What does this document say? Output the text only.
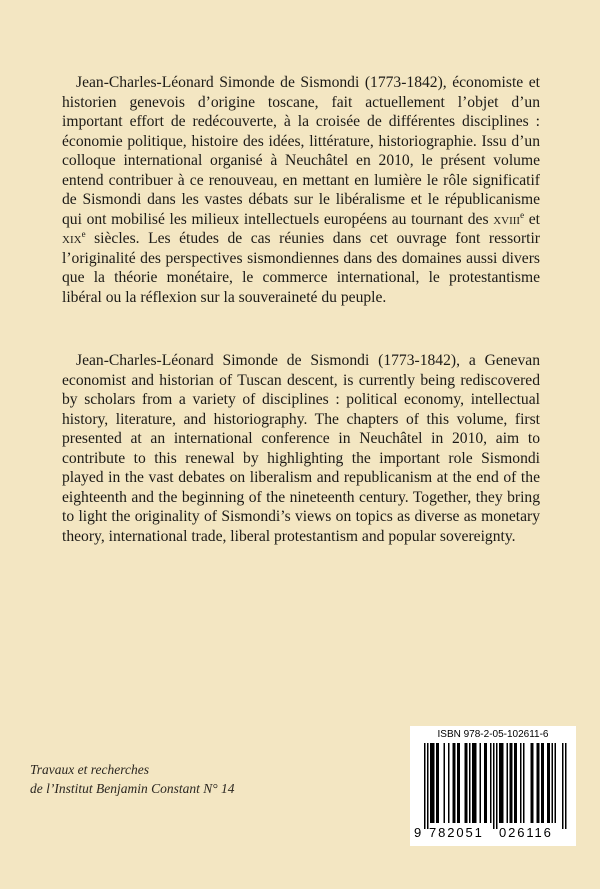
Jean-Charles-Léonard Simonde de Sismondi (1773-1842), économiste et historien genevois d’origine toscane, fait actuellement l’objet d’un important effort de redécouverte, à la croisée de différentes disciplines : économie politique, histoire des idées, littérature, historiographie. Issu d’un colloque international organisé à Neuchâtel en 2010, le présent volume entend contribuer à ce renouveau, en mettant en lumière le rôle significatif de Sismondi dans les vastes débats sur le libéralisme et le républicanisme qui ont mobilisé les milieux intellectuels européens au tournant des xviii$^e$ et xix$^e$ siècles. Les études de cas réunies dans cet ouvrage font ressortir l’originalité des perspectives sismondiennes dans des domaines aussi divers que la théorie monétaire, le commerce international, le protestantisme libéral ou la réflexion sur la souveraineté du peuple.

Jean-Charles-Léonard Simonde de Sismondi (1773-1842), a Genevan economist and historian of Tuscan descent, is currently being rediscovered by scholars from a variety of disciplines : political economy, intellectual history, literature, and historiography. The chapters of this volume, first presented at an international conference in Neuchâtel in 2010, aim to contribute to this renewal by highlighting the important role Sismondi played in the vast debates on liberalism and republicanism at the end of the eighteenth and the beginning of the nineteenth century. Together, they bring to light the originality of Sismondi’s views on topics as diverse as monetary theory, international trade, liberal protestantism and popular sovereignty.

Travaux et recherches
de l’Institut Benjamin Constant N° 14
ISBN 978-2-05-102611-6
9 782051	026116
